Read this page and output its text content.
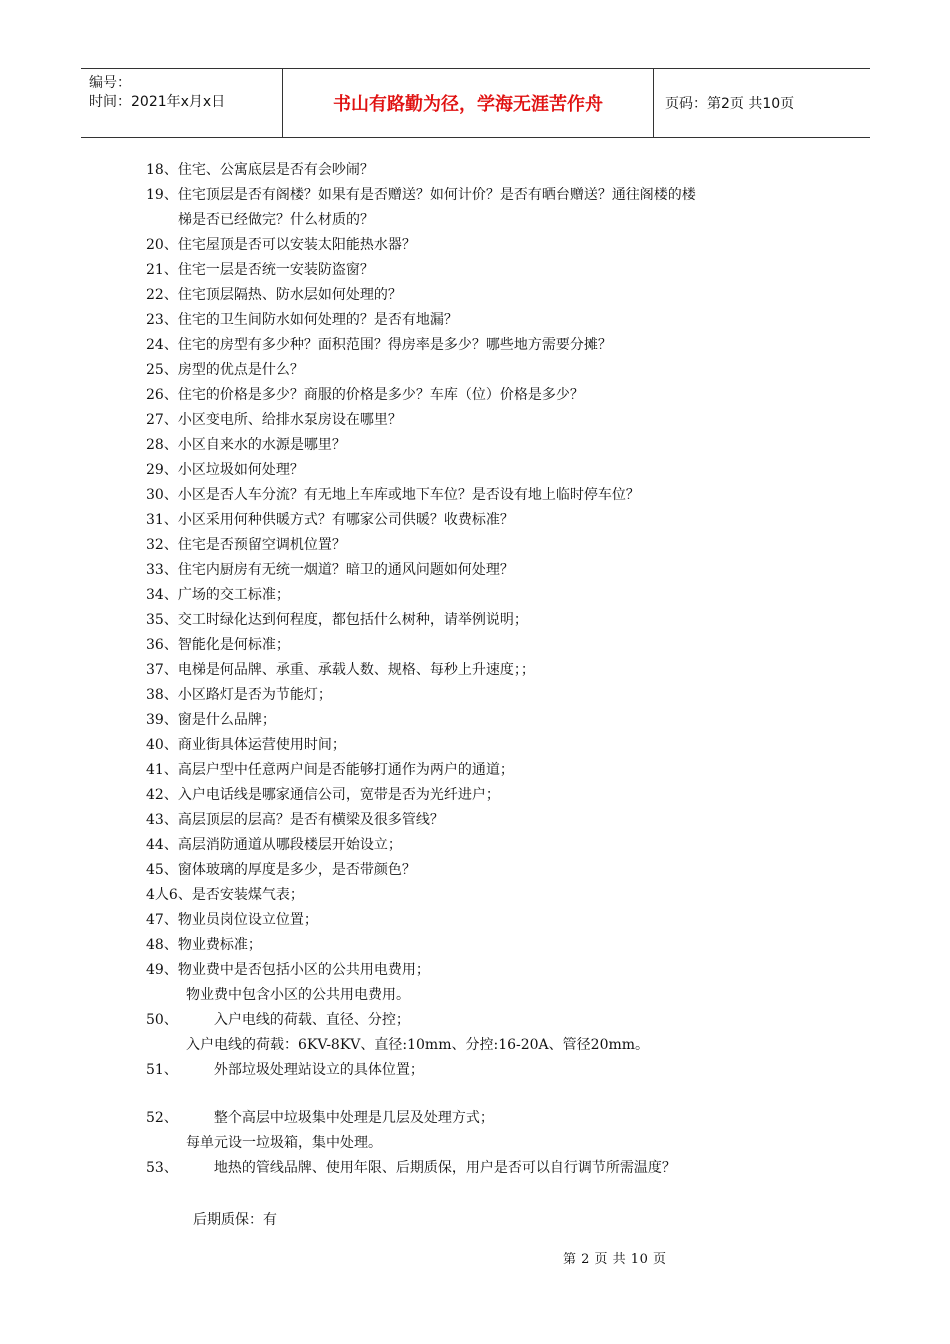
编号：
时间：2021年x月x日	书山有路勤为径，学海无涯苦作舟	页码：第2页 共10页
18、住宅、公寓底层是否有会吵闹？
19、住宅顶层是否有阁楼？如果有是否赠送？如何计价？是否有晒台赠送？通往阁楼的楼
梯是否已经做完？什么材质的？
20、住宅屋顶是否可以安装太阳能热水器？
21、住宅一层是否统一安装防盗窗？
22、住宅顶层隔热、防水层如何处理的？
23、住宅的卫生间防水如何处理的？是否有地漏？
24、住宅的房型有多少种？面积范围？得房率是多少？哪些地方需要分摊？
25、房型的优点是什么？
26、住宅的价格是多少？商服的价格是多少？车库（位）价格是多少？
27、小区变电所、给排水泵房设在哪里？
28、小区自来水的水源是哪里？
29、小区垃圾如何处理？
30、小区是否人车分流？有无地上车库或地下车位？是否设有地上临时停车位？
31、小区采用何种供暖方式？有哪家公司供暖？收费标准？
32、住宅是否预留空调机位置？
33、住宅内厨房有无统一烟道？暗卫的通风问题如何处理？
34、广场的交工标准；
35、交工时绿化达到何程度，都包括什么树种，请举例说明；
36、智能化是何标准；
37、电梯是何品牌、承重、承载人数、规格、每秒上升速度；；
38、小区路灯是否为节能灯；
39、窗是什么品牌；
40、商业街具体运营使用时间；
41、高层户型中任意两户间是否能够打通作为两户的通道；
42、入户电话线是哪家通信公司，宽带是否为光纤进户；
43、高层顶层的层高？是否有横梁及很多管线？
44、高层消防通道从哪段楼层开始设立；
45、窗体玻璃的厚度是多少，是否带颜色？
4人6、是否安装煤气表；
47、物业员岗位设立位置；
48、物业费标准；
49、物业费中是否包括小区的公共用电费用；
物业费中包含小区的公共用电费用。
50、	入户电线的荷载、直径、分控；
入户电线的荷载：6KV-8KV、直径:10mm、分控:16-20A、管径20mm。
51、	外部垃圾处理站设立的具体位置；
52、	整个高层中垃圾集中处理是几层及处理方式；
每单元设一垃圾箱，集中处理。
53、	地热的管线品牌、使用年限、后期质保，用户是否可以自行调节所需温度？
后期质保：有
第 2 页 共 10 页
